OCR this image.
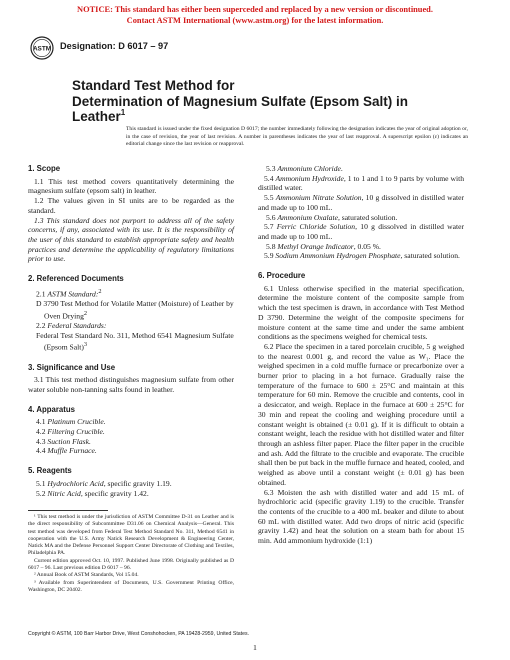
NOTICE: This standard has either been superceded and replaced by a new version or discontinued.
Contact ASTM International (www.astm.org) for the latest information.
ASTM Designation: D 6017 – 97
Standard Test Method for
Determination of Magnesium Sulfate (Epsom Salt) in
Leather$^1$
This standard is issued under the fixed designation D 6017; the number immediately following the designation indicates the year of original adoption or, in the case of revision, the year of last revision. A number in parentheses indicates the year of last reapproval. A superscript epsilon (ε) indicates an editorial change since the last revision or reapproval.
1. Scope

1.1 This test method covers quantitatively determining the magnesium sulfate (epsom salt) in leather.

1.2 The values given in SI units are to be regarded as the standard.

1.3 This standard does not purport to address all of the safety concerns, if any, associated with its use. It is the responsibility of the user of this standard to establish appropriate safety and health practices and determine the applicability of regulatory limitations prior to use.

2. Referenced Documents

2.1 ASTM Standard:$^2$

D 3790 Test Method for Volatile Matter (Moisture) of Leather by Oven Drying$^2$

2.2 Federal Standards:

Federal Test Standard No. 311, Method 6541 Magnesium Sulfate (Epsom Salt)$^3$

3. Significance and Use

3.1 This test method distinguishes magnesium sulfate from other water soluble non-tanning salts found in leather.

4. Apparatus

4.1 Platinum Crucible.

4.2 Filtering Crucible.

4.3 Suction Flask.

4.4 Muffle Furnace.

5. Reagents

5.1 Hydrochloric Acid, specific gravity 1.19.

5.2 Nitric Acid, specific gravity 1.42.

5.3 Ammonium Chloride.

5.4 Ammonium Hydroxide, 1 to 1 and 1 to 9 parts by volume with distilled water.

5.5 Ammonium Nitrate Solution, 10 g dissolved in distilled water and made up to 100 mL.

5.6 Ammonium Oxalate, saturated solution.

5.7 Ferric Chloride Solution, 10 g dissolved in distilled water and made up to 100 mL.

5.8 Methyl Orange Indicator, 0.05 %.

5.9 Sodium Ammonium Hydrogen Phosphate, saturated solution.

6. Procedure

6.1 Unless otherwise specified in the material specification, determine the moisture content of the composite sample from which the test specimen is drawn, in accordance with Test Method D 3790. Determine the weight of the composite specimens for moisture content at the same time and under the same ambient conditions as the specimens weighed for chemical tests.

6.2 Place the specimen in a tared porcelain crucible, 5 g weighed to the nearest 0.001 g, and record the value as W₁. Place the weighed specimen in a cold muffle furnace or precarbonize over a burner prior to placing in a hot furnace. Gradually raise the temperature of the furnace to 600 ± 25°C and maintain at this temperature for 60 min. Remove the crucible and contents, cool in a desiccator, and weigh. Replace in the furnace at 600 ± 25°C for 30 min and repeat the cooling and weighing procedure until a constant weight is obtained (± 0.01 g). If it is difficult to obtain a constant weight, leach the residue with hot distilled water and filter through an ashless filter paper. Place the filter paper in the crucible and ash. Add the filtrate to the crucible and evaporate. The crucible shall then be put back in the muffle furnace and heated, cooled, and weighed as above until a constant weight (± 0.01 g) has been obtained.

6.3 Moisten the ash with distilled water and add 15 mL of hydrochloric acid (specific gravity 1.19) to the crucible. Transfer the contents of the crucible to a 400 mL beaker and dilute to about 60 mL with distilled water. Add two drops of nitric acid (specific gravity 1.42) and heat the solution on a steam bath for about 15 min. Add ammonium hydroxide (1:1)

¹ This test method is under the jurisdiction of ASTM Committee D-31 on Leather and is the direct responsibility of Subcommittee D31.06 on Chemical Analysis—General. This test method was developed from Federal Test Method Standard No. 311, Method 6541 in cooperation with the U.S. Army Natick Research Development & Engineering Center, Natick MA and the Defense Personnel Support Center Directorate of Clothing and Textiles, Philadelphia PA.

Current edition approved Oct. 10, 1997. Published June 1998. Originally published as D 6017 – 96. Last previous edition D 6017 – 96.

² Annual Book of ASTM Standards, Vol 15.04.

³ Available from Superintendent of Documents, U.S. Government Printing Office, Washington, DC 20402.

Copyright © ASTM, 100 Barr Harbor Drive, West Conshohocken, PA 19428-2959, United States.
1
